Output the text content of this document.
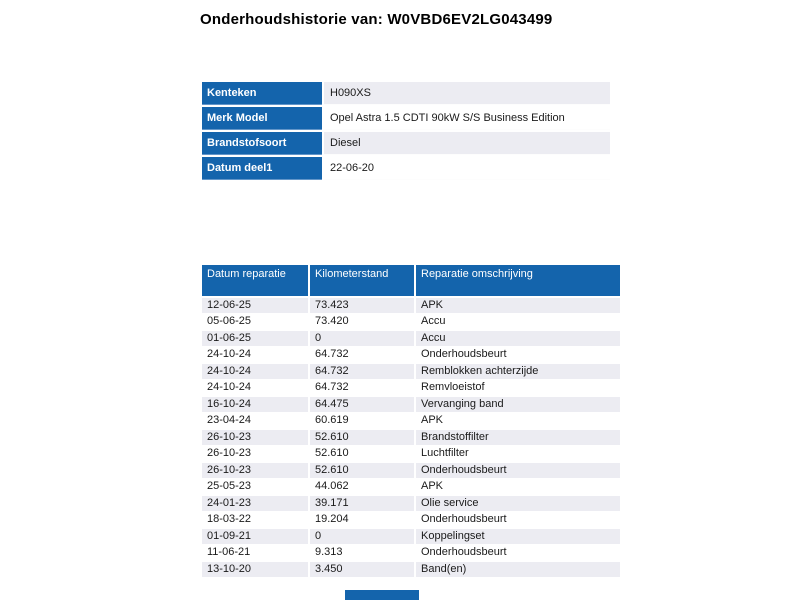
Onderhoudshistorie van: W0VBD6EV2LG043499
Kenteken	H090XS
Merk Model	Opel Astra 1.5 CDTI 90kW S/S Business Edition
Brandstofsoort	Diesel
Datum deel1	22-06-20
Datum reparatie	Kilometerstand	Reparatie omschrijving
12-06-25	73.423	APK
05-06-25	73.420	Accu
01-06-25	0	Accu
24-10-24	64.732	Onderhoudsbeurt
24-10-24	64.732	Remblokken achterzijde
24-10-24	64.732	Remvloeistof
16-10-24	64.475	Vervanging band
23-04-24	60.619	APK
26-10-23	52.610	Brandstoffilter
26-10-23	52.610	Luchtfilter
26-10-23	52.610	Onderhoudsbeurt
25-05-23	44.062	APK
24-01-23	39.171	Olie service
18-03-22	19.204	Onderhoudsbeurt
01-09-21	0	Koppelingset
11-06-21	9.313	Onderhoudsbeurt
13-10-20	3.450	Band(en)
